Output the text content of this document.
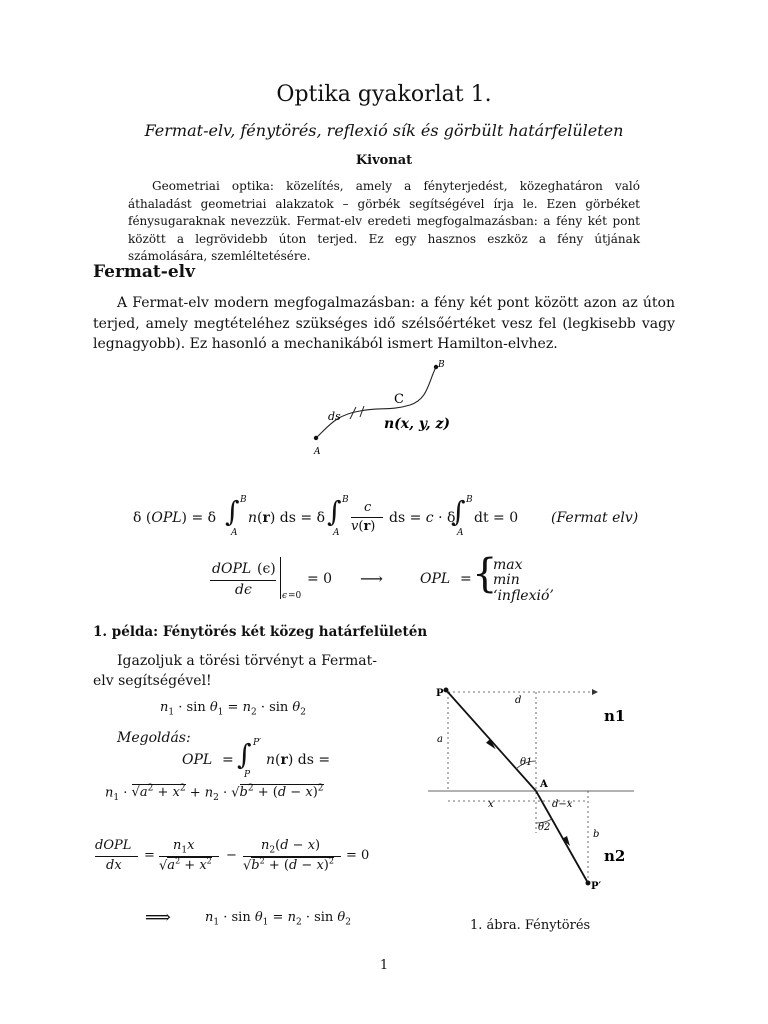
Optika gyakorlat 1.
Fermat-elv, fénytörés, reflexió sík és görbült határfelületen
Kivonat
Geometriai optika: közelítés, amely a fényterjedést, közeghatáron való áthaladást geometriai alakzatok – görbék segítségével írja le. Ezen görbéket fénysugaraknak nevezzük. Fermat-elv eredeti megfogalmazásban: a fény két pont között a legrövidebb úton terjed. Ez egy hasznos eszköz a fény útjának számolására, szemléltetésére.
Fermat-elv
A Fermat-elv modern megfogalmazásban: a fény két pont között azon az úton terjed, amely megtételéhez szükséges idő szélsőértéket vesz fel (legkisebb vagy legnagyobb). Ez hasonló a mechanikából ismert Hamilton-elvhez.
A
B
C
ds	n(x, y, z)
δ (OPL) = δ ∫ B
A
n(r) ds = δ ∫ B
A
c
v(r)
ds = c · δ
∫ B
A
dt = 0 (Fermat elv)
dOPL (ϵ)
dϵ	ϵ =0
= 0 ⟶	OPL = {
max
min
‘inflexió’
1. példa: Fénytörés két közeg határfelületén
Igazoljuk a törési törvényt a Fermat-elv segítségével!
$n_1 \cdot \sin \theta_1 = n_2 \cdot \sin \theta_2$
Megoldás:
OPL = ∫ P′
P
n(r) ds =
$n_1 \cdot √a^2 + x^2 + n_2 \cdot √b^2 + (d - x)^2$
dOPL
dx
=
$n_1x$
$√a^2 + x^2$ −
$n_2(d - x)$
$√b^2 + (d - x)^2 = 0$
⟹	$n_1 \cdot \sin \theta_1 = n_2 \cdot \sin \theta_2$
P
P′
A
d
a
b
x	d−x
θ1
θ2
n1
n2
1. ábra. Fénytörés
1
